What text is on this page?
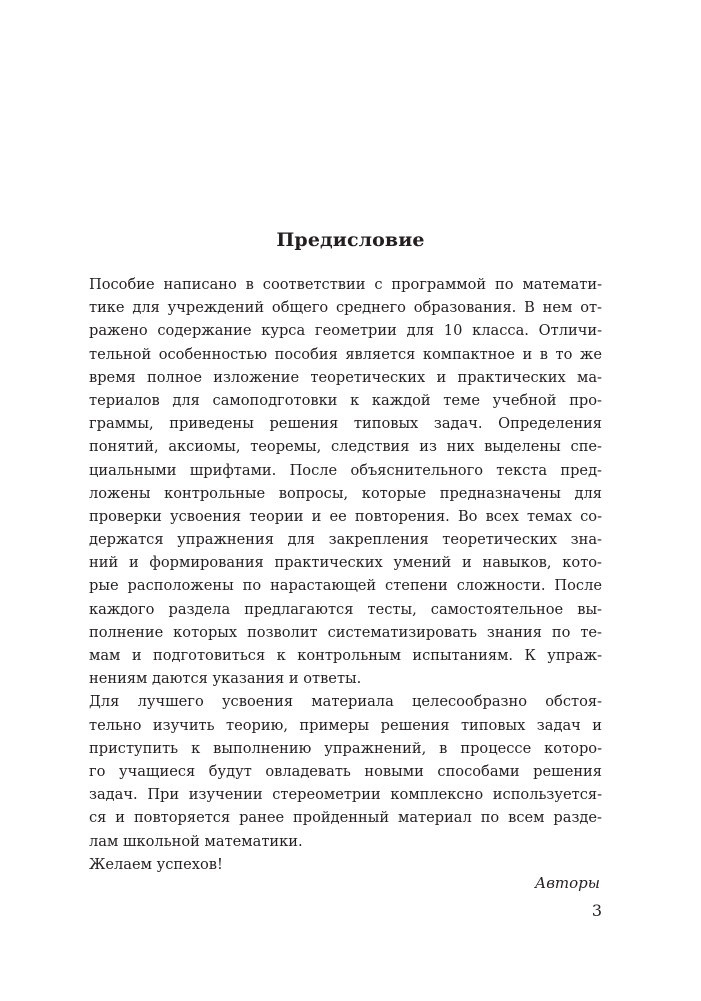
Предисловие
Пособие написано в соответствии с программой по математи-
тике для учреждений общего среднего образования. В нем от-
ражено содержание курса геометрии для 10 класса. Отличи-
тельной особенностью пособия является компактное и в то же
время полное изложение теоретических и практических ма-
териалов для самоподготовки к каждой теме учебной про-
граммы, приведены решения типовых задач. Определения
понятий, аксиомы, теоремы, следствия из них выделены спе-
циальными шрифтами. После объяснительного текста пред-
ложены контрольные вопросы, которые предназначены для
проверки усвоения теории и ее повторения. Во всех темах со-
держатся упражнения для закрепления теоретических зна-
ний и формирования практических умений и навыков, кото-
рые расположены по нарастающей степени сложности. После
каждого раздела предлагаются тесты, самостоятельное вы-
полнение которых позволит систематизировать знания по те-
мам и подготовиться к контрольным испытаниям. К упраж-
нениям даются указания и ответы.
Для лучшего усвоения материала целесообразно обстоя-
тельно изучить теорию, примеры решения типовых задач и
приступить к выполнению упражнений, в процессе которо-
го учащиеся будут овладевать новыми способами решения
задач. При изучении стереометрии комплексно используется-
ся и повторяется ранее пройденный материал по всем разде-
лам школьной математики.
Желаем успехов!
Авторы
3
